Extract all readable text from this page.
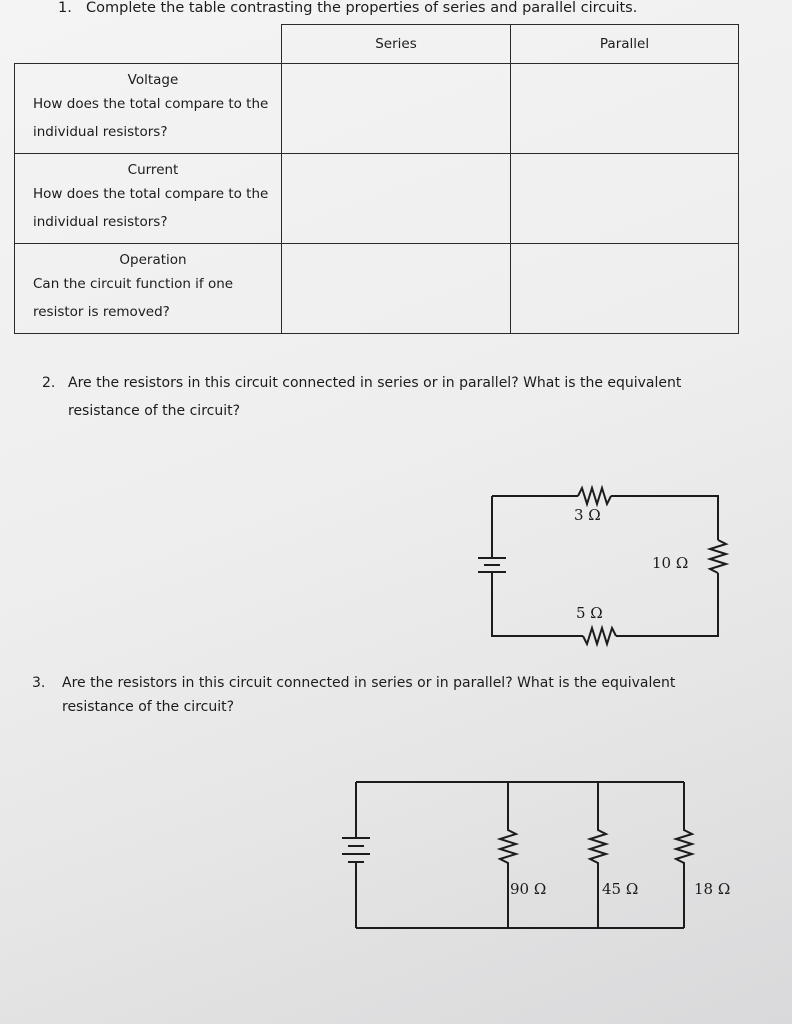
1. Complete the table contrasting the properties of series and parallel circuits.
	Series	Parallel

Voltage
How does the total compare to the individual resistors?		

Current
How does the total compare to the individual resistors?		

Operation
Can the circuit function if one resistor is removed?		
2. Are the resistors in this circuit connected in series or in parallel? What is the equivalent
resistance of the circuit?
3 Ω
10 Ω
5 Ω
3. Are the resistors in this circuit connected in series or in parallel? What is the equivalent
resistance of the circuit?
90 Ω	45 Ω	18 Ω
